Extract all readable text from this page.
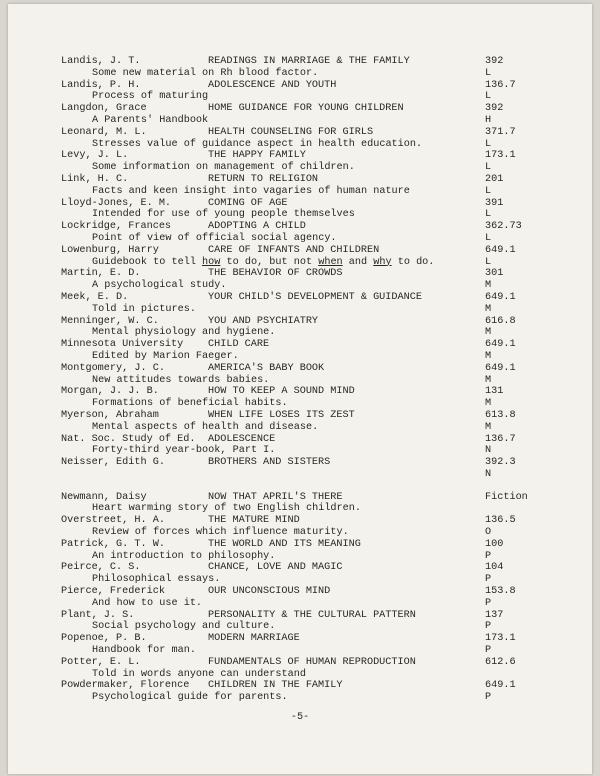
Landis, J. T.	READINGS IN MARRIAGE & THE FAMILY	392
Some new material on Rh blood factor.	L
Landis, P. H.	ADOLESCENCE AND YOUTH	136.7
Process of maturing	L
Langdon, Grace	HOME GUIDANCE FOR YOUNG CHILDREN	392
A Parents' Handbook	H
Leonard, M. L.	HEALTH COUNSELING FOR GIRLS	371.7
Stresses value of guidance aspect in health education.	L
Levy, J. L.	THE HAPPY FAMILY	173.1
Some information on management of children.	L
Link, H. C.	RETURN TO RELIGION	201
Facts and keen insight into vagaries of human nature	L
Lloyd-Jones, E. M.	COMING OF AGE	391
Intended for use of young people themselves	L
Lockridge, Frances	ADOPTING A CHILD	362.73
Point of view of official social agency.	L
Lowenburg, Harry	CARE OF INFANTS AND CHILDREN	649.1
Guidebook to tell how to do, but not when and why to do.	L
Martin, E. D.	THE BEHAVIOR OF CROWDS	301
A psychological study.	M
Meek, E. D.	YOUR CHILD'S DEVELOPMENT & GUIDANCE	649.1
Told in pictures.	M
Menninger, W. C.	YOU AND PSYCHIATRY	616.8
Mental physiology and hygiene.	M
Minnesota University CHILD CARE	649.1
Edited by Marion Faeger.	M
Montgomery, J. C.	AMERICA'S BABY BOOK	649.1
New attitudes towards babies.	M
Morgan, J. J. B.	HOW TO KEEP A SOUND MIND	131
Formations of beneficial habits.	M
Myerson, Abraham	WHEN LIFE LOSES ITS ZEST	613.8
Mental aspects of health and disease.	M
Nat. Soc. Study of Ed. ADOLESCENCE	136.7
Forty-third year-book, Part I.	N
Neisser, Edith G.	BROTHERS AND SISTERS	392.3
N
Newmann, Daisy	NOW THAT APRIL'S THERE	Fiction
Heart warming story of two English children.
Overstreet, H. A.	THE MATURE MIND	136.5
Review of forces which influence maturity.	O
Patrick, G. T. W.	THE WORLD AND ITS MEANING	100
An introduction to philosophy.	P
Peirce, C. S.	CHANCE, LOVE AND MAGIC	104
Philosophical essays.	P
Pierce, Frederick	OUR UNCONSCIOUS MIND	153.8
And how to use it.	P
Plant, J. S.	PERSONALITY & THE CULTURAL PATTERN	137
Social psychology and culture.	P
Popenoe, P. B.	MODERN MARRIAGE	173.1
Handbook for man.	P
Potter, E. L.	FUNDAMENTALS OF HUMAN REPRODUCTION	612.6
Told in words anyone can understand
Powdermaker, Florence CHILDREN IN THE FAMILY	649.1
Psychological guide for parents.	P
-5-
